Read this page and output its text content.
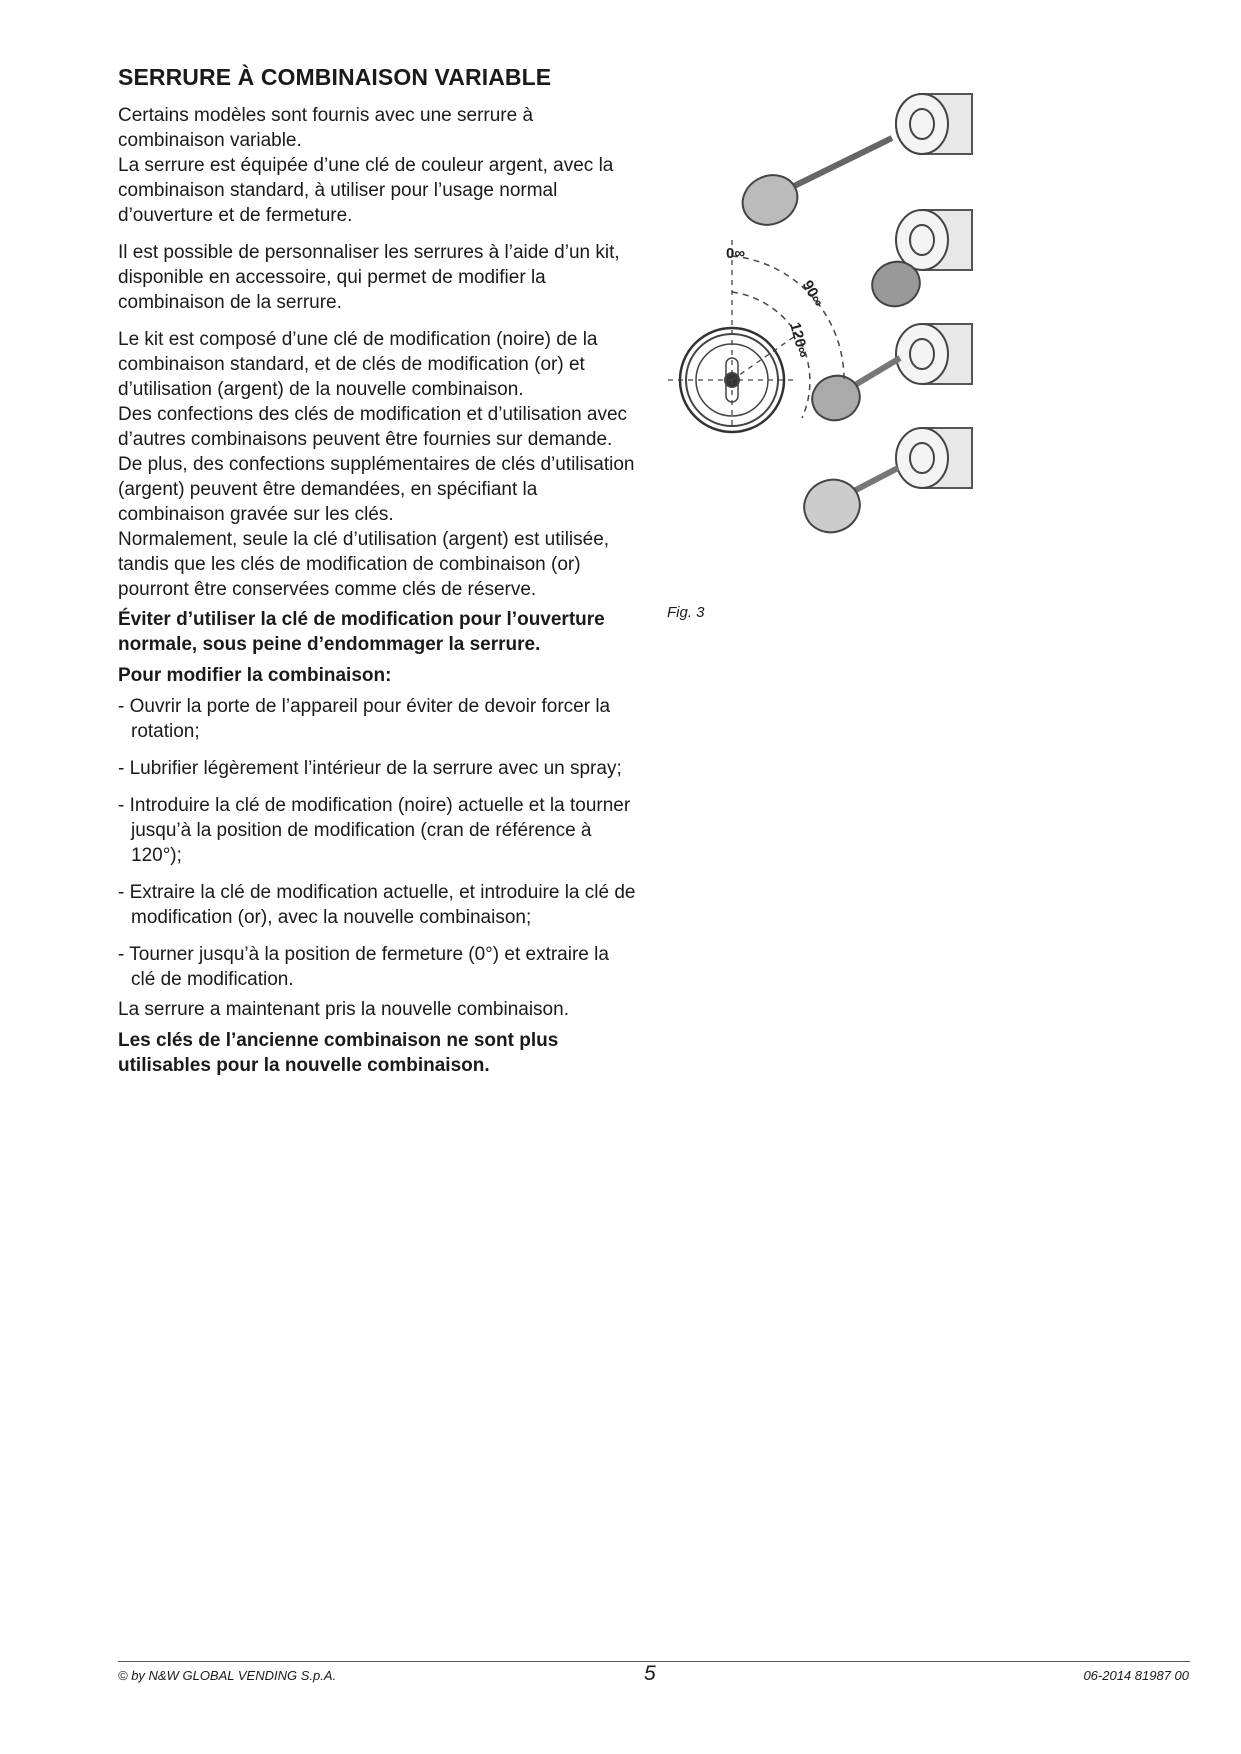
SERRURE À COMBINAISON VARIABLE

Certains modèles sont fournis avec une serrure à combinaison variable.

La serrure est équipée d’une clé de couleur argent, avec la combinaison standard, à utiliser pour l’usage normal d’ouverture et de fermeture.

Il est possible de personnaliser les serrures à l’aide d’un kit, disponible en accessoire, qui permet de modifier la combinaison de la serrure.

Le kit est composé d’une clé de modification (noire) de la combinaison standard, et de clés de modification (or) et d’utilisation (argent) de la nouvelle combinaison.

Des confections des clés de modification et d’utilisation avec d’autres combinaisons peuvent être fournies sur demande.

De plus, des confections supplémentaires de clés d’utilisation (argent) peuvent être demandées, en spécifiant la combinaison gravée sur les clés.

Normalement, seule la clé d’utilisation (argent) est utilisée, tandis que les clés de modification de combinaison (or) pourront être conservées comme clés de réserve.

Éviter d’utiliser la clé de modification pour l’ouverture normale, sous peine d’endommager la serrure.

Pour modifier la combinaison:

- Ouvrir la porte de l’appareil pour éviter de devoir forcer la rotation;
- Lubrifier légèrement l’intérieur de la serrure avec un spray;
- Introduire la clé de modification (noire) actuelle et la tourner jusqu’à la position de modification (cran de référence à 120°);
- Extraire la clé de modification actuelle, et introduire la clé de modification (or), avec la nouvelle combinaison;
- Tourner jusqu’à la position de fermeture (0°) et extraire la clé de modification.

La serrure a maintenant pris la nouvelle combinaison.

Les clés de l’ancienne combinaison ne sont plus utilisables pour la nouvelle combinaison.

0∞
90∞
120∞
Fig. 3
© by N&W GLOBAL VENDING S.p.A.	5	06-2014 81987 00
